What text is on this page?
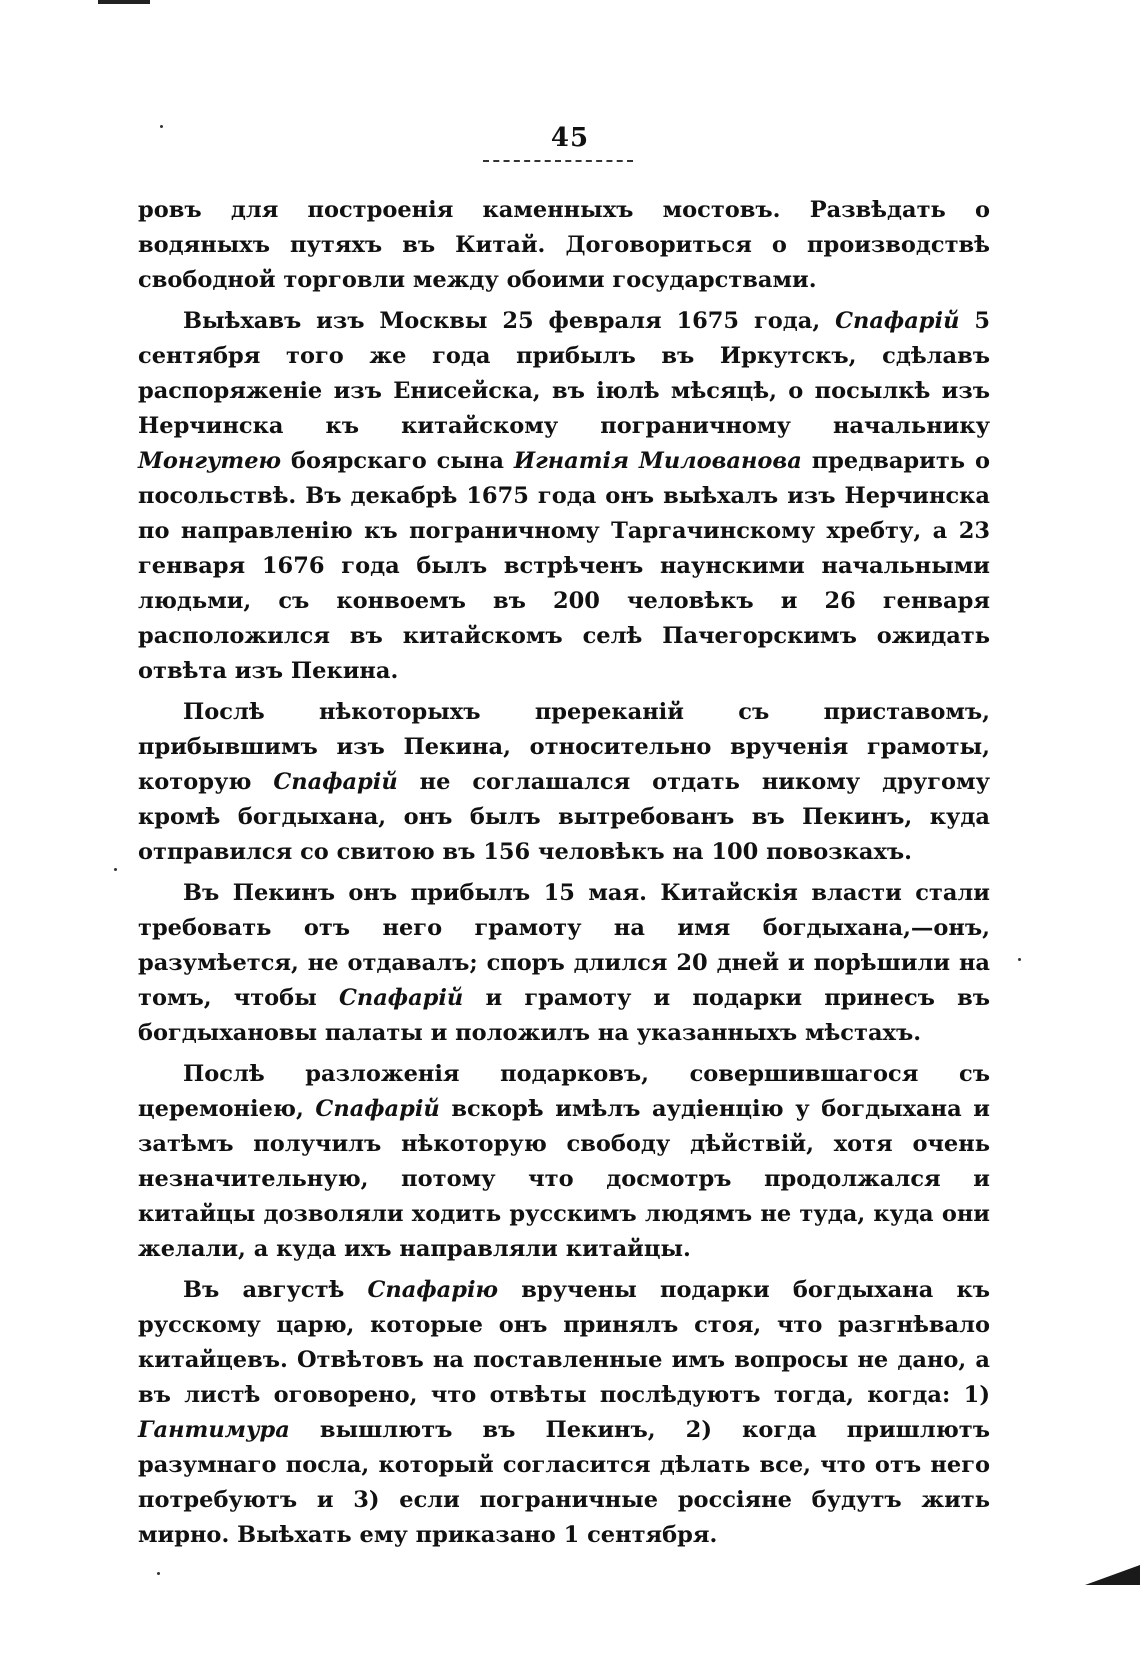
45

ровъ для построенія каменныхъ мостовъ. Развѣдать о водяныхъ путяхъ въ Китай. Договориться о производствѣ свободной торговли между обоими государствами.

Выѣхавъ изъ Москвы 25 февраля 1675 года, Спафарій 5 сентября того же года прибылъ въ Иркутскъ, сдѣлавъ распоряженіе изъ Енисейска, въ іюлѣ мѣсяцѣ, о посылкѣ изъ Нерчинска къ китайскому пограничному начальнику Монгутею боярскаго сына Игнатія Милованова предварить о посольствѣ. Въ декабрѣ 1675 года онъ выѣхалъ изъ Нерчинска по направленію къ пограничному Таргачинскому хребту, а 23 генваря 1676 года былъ встрѣченъ наунскими начальными людьми, съ конвоемъ въ 200 человѣкъ и 26 генваря расположился въ китайскомъ селѣ Пачегорскимъ ожидать отвѣта изъ Пекина.

Послѣ нѣкоторыхъ пререканій съ приставомъ, прибывшимъ изъ Пекина, относительно врученія грамоты, которую Спафарій не соглашался отдать никому другому кромѣ богдыхана, онъ былъ вытребованъ въ Пекинъ, куда отправился со свитою въ 156 человѣкъ на 100 повозкахъ.

Въ Пекинъ онъ прибылъ 15 мая. Китайскія власти стали требовать отъ него грамоту на имя богдыхана,—онъ, разумѣется, не отдавалъ; споръ длился 20 дней и порѣшили на томъ, чтобы Спафарій и грамоту и подарки принесъ въ богдыхановы палаты и положилъ на указанныхъ мѣстахъ.

Послѣ разложенія подарковъ, совершившагося съ церемоніею, Спафарій вскорѣ имѣлъ аудіенцію у богдыхана и затѣмъ получилъ нѣкоторую свободу дѣйствій, хотя очень незначительную, потому что досмотръ продолжался и китайцы дозволяли ходить русскимъ людямъ не туда, куда они желали, а куда ихъ направляли китайцы.

Въ августѣ Спафарію вручены подарки богдыхана къ русскому царю, которые онъ принялъ стоя, что разгнѣвало китайцевъ. Отвѣтовъ на поставленные имъ вопросы не дано, а въ листѣ оговорено, что отвѣты послѣдуютъ тогда, когда: 1) Гантимура вышлютъ въ Пекинъ, 2) когда пришлютъ разумнаго посла, который согласится дѣлать все, что отъ него потребуютъ и 3) если пограничные россіяне будутъ жить мирно. Выѣхать ему приказано 1 сентября.
